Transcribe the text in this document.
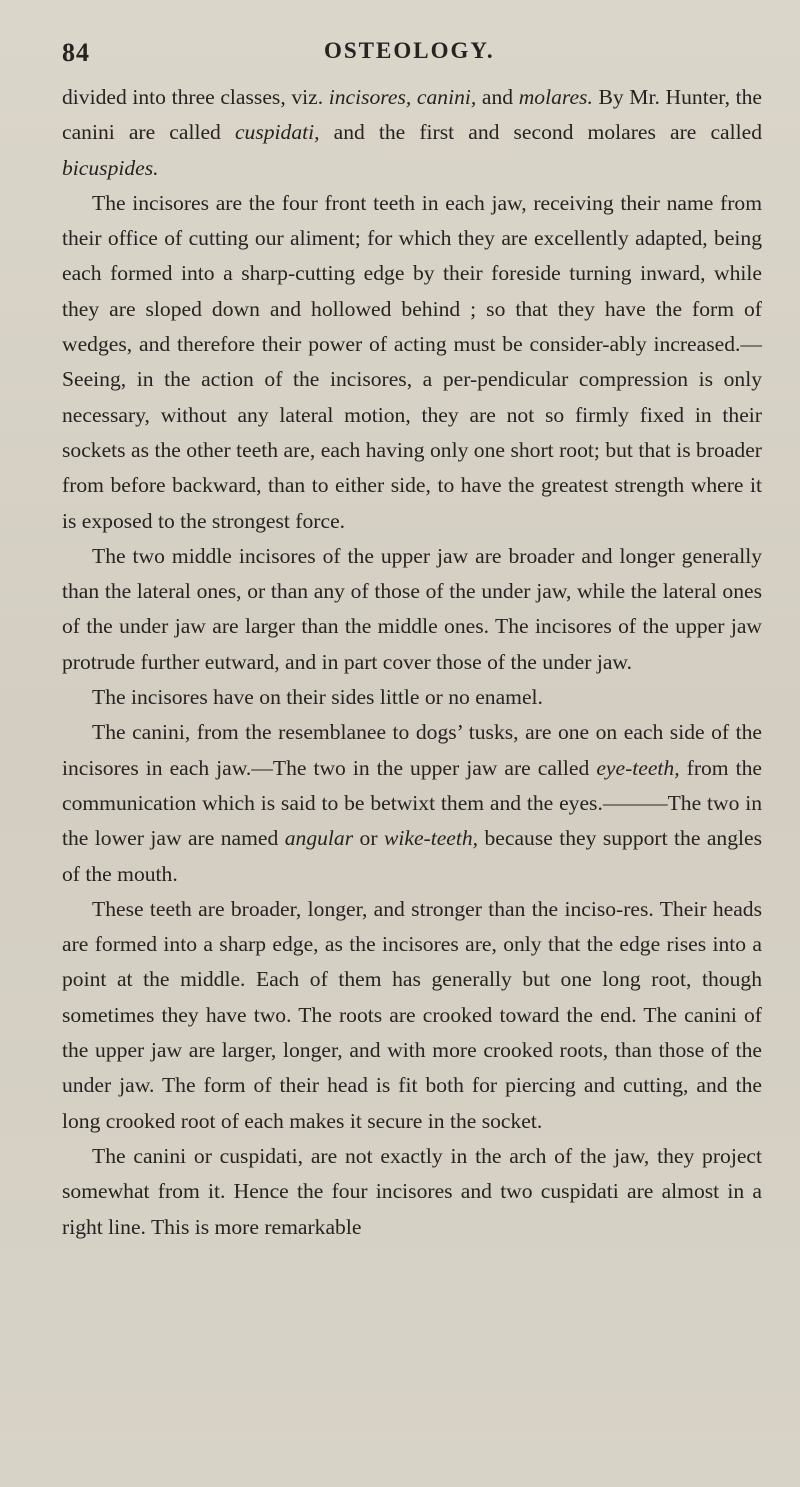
84	OSTEOLOGY.

divided into three classes, viz. incisores, canini, and molares. By Mr. Hunter, the canini are called cuspidati, and the first and second molares are called bicuspides.

The incisores are the four front teeth in each jaw, receiving their name from their office of cutting our aliment; for which they are excellently adapted, being each formed into a sharp-cutting edge by their foreside turning inward, while they are sloped down and hollowed behind ; so that they have the form of wedges, and therefore their power of acting must be consider-ably increased.—Seeing, in the action of the incisores, a per-pendicular compression is only necessary, without any lateral motion, they are not so firmly fixed in their sockets as the other teeth are, each having only one short root; but that is broader from before backward, than to either side, to have the greatest strength where it is exposed to the strongest force.

The two middle incisores of the upper jaw are broader and longer generally than the lateral ones, or than any of those of the under jaw, while the lateral ones of the under jaw are larger than the middle ones. The incisores of the upper jaw protrude further eutward, and in part cover those of the under jaw.

The incisores have on their sides little or no enamel.

The canini, from the resemblanee to dogs’ tusks, are one on each side of the incisores in each jaw.—The two in the upper jaw are called eye-teeth, from the communication which is said to be betwixt them and the eyes.———The two in the lower jaw are named angular or wike-teeth, because they support the angles of the mouth.

These teeth are broader, longer, and stronger than the inciso-res. Their heads are formed into a sharp edge, as the incisores are, only that the edge rises into a point at the middle. Each of them has generally but one long root, though sometimes they have two. The roots are crooked toward the end. The canini of the upper jaw are larger, longer, and with more crooked roots, than those of the under jaw. The form of their head is fit both for piercing and cutting, and the long crooked root of each makes it secure in the socket.

The canini or cuspidati, are not exactly in the arch of the jaw, they project somewhat from it. Hence the four incisores and two cuspidati are almost in a right line. This is more remarkable
